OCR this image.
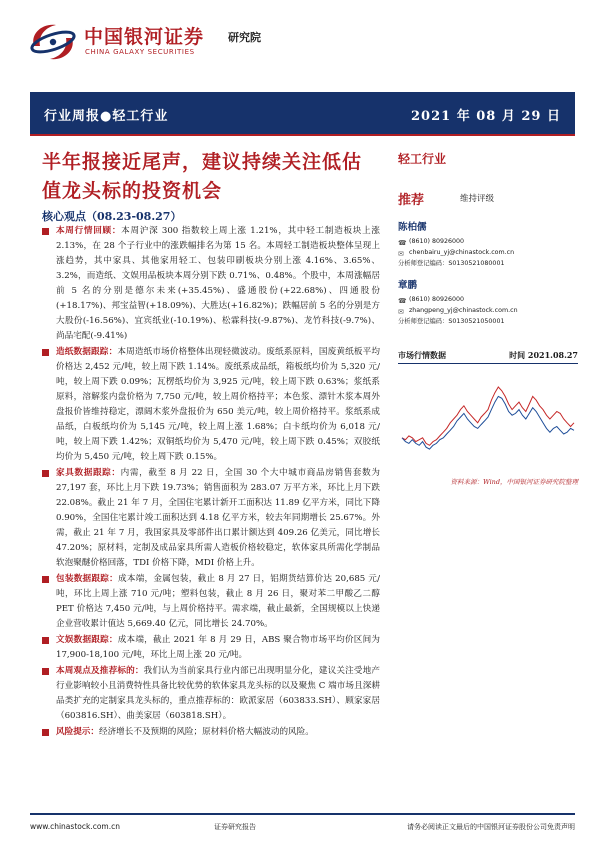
中国银河证券
CHINA GALAXY SECURITIES
研究院
行业周报●轻工行业	2021 年 08 月 29 日
半年报接近尾声，建议持续关注低估
值龙头标的投资机会
核心观点（08.23-08.27）
本周行情回顾：本周沪深 300 指数较上周上涨 1.21%，其中轻工制造板块上涨 2.13%，在 28 个子行业中的涨跌幅排名为第 15 名。本周轻工制造板块整体呈现上涨趋势，其中家具、其他家用轻工、包装印刷板块分别上涨 4.16%、3.65%、3.2%，而造纸、文娱用品板块本周分别下跌 0.71%、0.48%。个股中，本周涨幅居前 5 名的分别是德尔未来(+35.45%)、盛通股份(+22.68%)、四通股份(+18.17%)、邦宝益智(+18.09%)、大胜达(+16.82%)；跌幅居前 5 名的分别是方大股份(-16.56%)、宜宾纸业(-10.19%)、松霖科技(-9.87%)、龙竹科技(-9.7%)、尚品宅配(-9.41%)
造纸数据跟踪：本周造纸市场价格整体出现轻微波动。废纸系原料，国废黄纸板平均价格达 2,452 元/吨，较上周下跌 1.14%。废纸系成品纸，箱板纸均价为 5,320 元/吨，较上周下跌 0.09%；瓦楞纸均价为 3,925 元/吨，较上周下跌 0.63%；浆纸系原料，溶解浆内盘价格为 7,750 元/吨，较上周价格持平；本色浆、漂针木浆本周外盘报价皆维持稳定，漂阔木浆外盘报价为 650 美元/吨，较上周价格持平。浆纸系成品纸，白板纸均价为 5,145 元/吨，较上周上涨 1.68%；白卡纸均价为 6,018 元/吨，较上周下跌 1.42%；双铜纸均价为 5,470 元/吨，较上周下跌 0.45%；双胶纸均价为 5,450 元/吨，较上周下跌 0.15%。
家具数据跟踪：内需，截至 8 月 22 日，全国 30 个大中城市商品房销售套数为 27,197 套，环比上月下跌 19.73%；销售面积为 283.07 万平方米，环比上月下跌 22.08%。截止 21 年 7 月，全国住宅累计新开工面积达 11.89 亿平方米，同比下降 0.90%，全国住宅累计竣工面积达到 4.18 亿平方米，较去年同期增长 25.67%。外需，截止 21 年 7 月，我国家具及零部件出口累计额达到 409.26 亿美元，同比增长 47.20%；原材料，定制及成品家具所需人造板价格较稳定，软体家具所需化学制品软泡聚醚价格回落，TDI 价格下降，MDI 价格上升。
包装数据跟踪：成本端，金属包装，截止 8 月 27 日，铝期货结算价达 20,685 元/吨，环比上周上涨 710 元/吨；塑料包装，截止 8 月 26 日，聚对苯二甲酸乙二醇 PET 价格达 7,450 元/吨，与上周价格持平。需求端，截止最新，全国规模以上快递企业营收累计值达 5,669.40 亿元，同比增长 24.70%。
文娱数据跟踪：成本端，截止 2021 年 8 月 29 日，ABS 聚合物市场平均价区间为 17,900-18,100 元/吨，环比上周上涨 20 元/吨。
本周观点及推荐标的：我们认为当前家具行业内部已出现明显分化，建议关注受地产行业影响较小且消费特性具备比较优势的软体家具龙头标的以及聚焦 C 端市场且深耕品类扩充的定制家具龙头标的，重点推荐标的：欧派家居（603833.SH）、顾家家居（603816.SH）、曲美家居（603818.SH）。
风险提示：经济增长不及预期的风险；原材料价格大幅波动的风险。
轻工行业
推荐	维持评级
陈柏儒
☎ (8610) 80926000
✉ chenbairu_yj@chinastock.com.cn
分析师登记编码：S0130521080001
章鹏
☎ (8610) 80926000
✉ zhangpeng_yj@chinastock.com.cn
分析师登记编码：S0130521050001
市场行情数据	时间 2021.08.27
资料来源：Wind，中国银河证券研究院整理
www.chinastock.com.cn	证券研究报告	请务必阅读正文最后的中国银河证券股份公司免责声明
